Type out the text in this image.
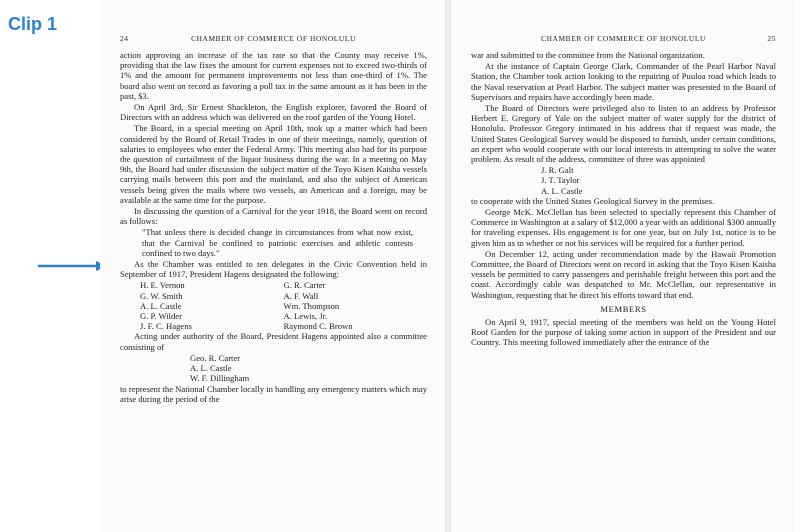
Clip 1
24	CHAMBER OF COMMERCE OF HONOLULU

action approving an increase of the tax rate so that the County may receive 1%, providing that the law fixes the amount for current expenses not to exceed two-thirds of 1% and the amount for permanent improvements not less than one-third of 1%. The board also went on record as favoring a poll tax in the same amount as it has been in the past, $3.

On April 3rd, Sir Ernest Shackleton, the English explorer, favored the Board of Directors with an address which was delivered on the roof garden of the Young Hotel.

The Board, in a special meeting on April 10th, took up a matter which had been considered by the Board of Retail Trades in one of their meetings, namely, question of salaries to employees who enter the Federal Army. This meeting also had for its purpose the question of curtailment of the liquor business during the war. In a meeting on May 9th, the Board had under discussion the subject matter of the Toyo Kisen Kaisha vessels carrying mails between this port and the mainland, and also the subject of American vessels being given the mails where two vessels, an American and a foreign, may be available at the same time for the purpose.

In discussing the question of a Carnival for the year 1918, the Board went on record as follows:

"That unless there is decided change in circumstances from what now exist, that the Carnival be confined to patriotic exercises and athletic contests confined to two days."

As the Chamber was entitled to ten delegates in the Civic Convention held in September of 1917, President Hagens designated the following:

H. E. Vernon	G. R. Carter
G. W. Smith	A. F. Wall
A. L. Castle	Wm. Thompson
G. P. Wilder	A. Lewis, Jr.
J. F. C. Hagens	Raymond C. Brown

Acting under authority of the Board, President Hagens appointed also a committee consisting of

Geo. R. Carter
A. L. Castle
W. F. Dillingham

to represent the National Chamber locally in handling any emergency matters which may arise during the period of the

CHAMBER OF COMMERCE OF HONOLULU	25

war and submitted to the committee from the National organization.

At the instance of Captain George Clark, Commander of the Pearl Harbor Naval Station, the Chamber took action looking to the repairing of Puuloa road which leads to the Naval reservation at Pearl Harbor. The subject matter was presented to the Board of Supervisors and repairs have accordingly been made.

The Board of Directors were privileged also to listen to an address by Professor Herbert E. Gregory of Yale on the subject matter of water supply for the district of Honolulu. Professor Gregory intimated in his address that if request was made, the United States Geological Survey would be disposed to furnish, under certain conditions, an expert who would cooperate with our local interests in attempting to solve the water problem. As result of the address, committee of three was appointed

J. R. Galt
J. T. Taylor
A. L. Castle

to cooperate with the United States Geological Survey in the premises.

George McK. McClellan has been selected to specially represent this Chamber of Commerce in Washington at a salary of $12,000 a year with an additional $300 annually for traveling expenses. His engagement is for one year, but on July 1st, notice is to be given him as to whether or not his services will be required for a further period.

On December 12, acting under recommendation made by the Hawaii Promotion Committee, the Board of Directors went on record in asking that the Toyo Kisen Kaisha vessels be permitted to carry passengers and perishable freight between this port and the coast. Accordingly cable was despatched to Mr. McClellan, our representative in Washington, requesting that he direct his efforts toward that end.

MEMBERS

On April 9, 1917, special meeting of the members was held on the Young Hotel Roof Garden for the purpose of taking some action in support of the President and our Country. This meeting followed immediately after the entrance of the
